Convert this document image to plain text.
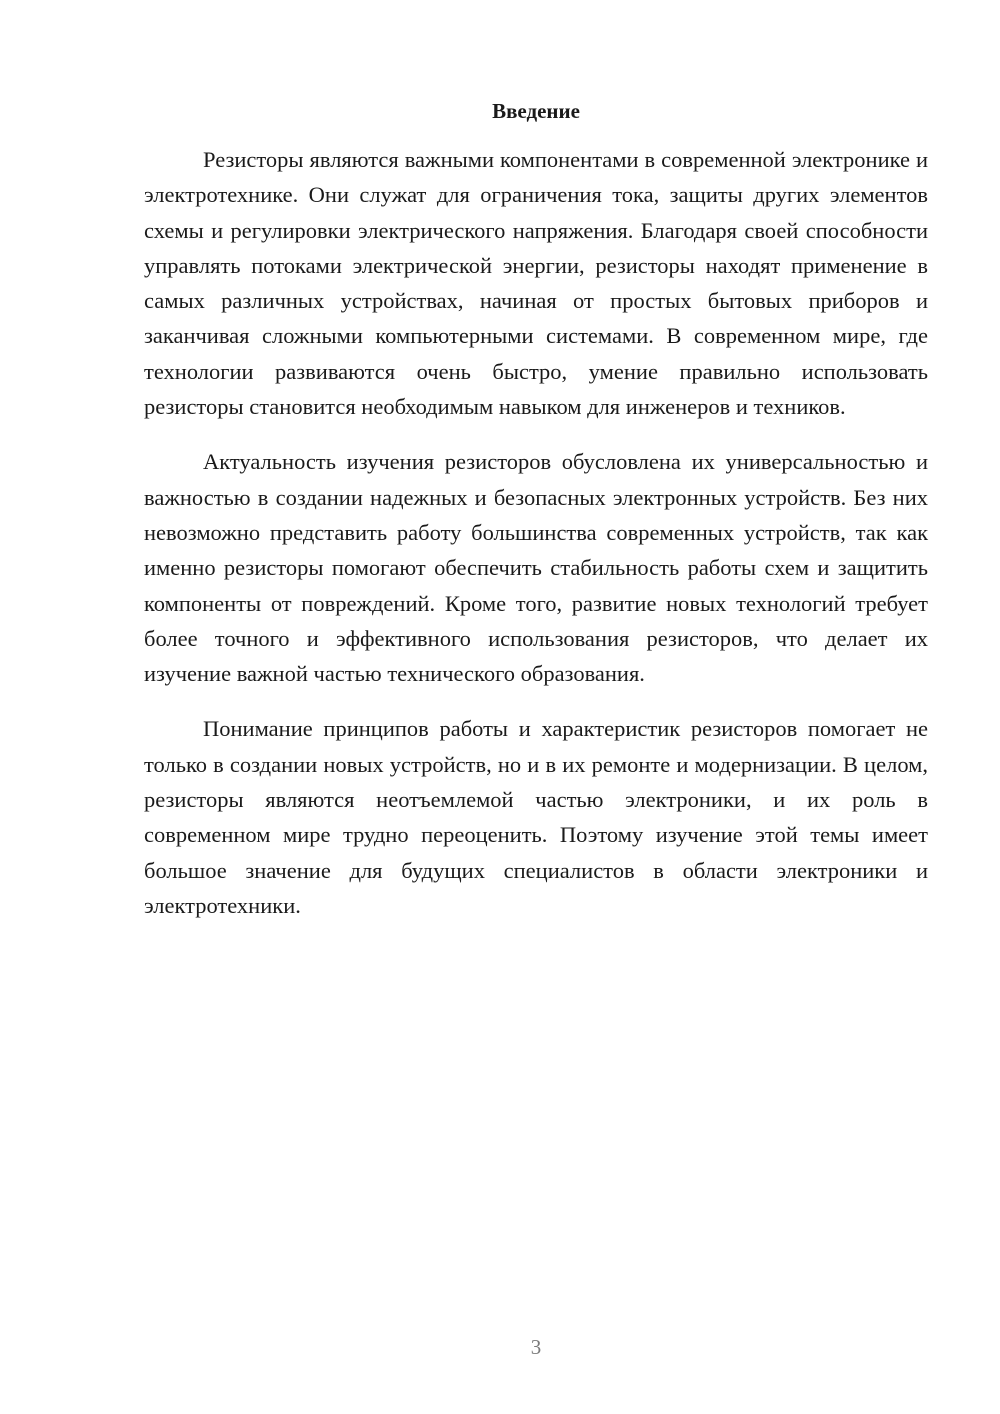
Введение

Резисторы являются важными компонентами в современной электронике и электротехнике. Они служат для ограничения тока, защиты других элементов схемы и регулировки электрического напряжения. Благодаря своей способности управлять потоками электрической энергии, резисторы находят применение в самых различных устройствах, начиная от простых бытовых приборов и заканчивая сложными компьютерными системами. В современном мире, где технологии развиваются очень быстро, умение правильно использовать резисторы становится необходимым навыком для инженеров и техников.

Актуальность изучения резисторов обусловлена их универсальностью и важностью в создании надежных и безопасных электронных устройств. Без них невозможно представить работу большинства современных устройств, так как именно резисторы помогают обеспечить стабильность работы схем и защитить компоненты от повреждений. Кроме того, развитие новых технологий требует более точного и эффективного использования резисторов, что делает их изучение важной частью технического образования.

Понимание принципов работы и характеристик резисторов помогает не только в создании новых устройств, но и в их ремонте и модернизации. В целом, резисторы являются неотъемлемой частью электроники, и их роль в современном мире трудно переоценить. Поэтому изучение этой темы имеет большое значение для будущих специалистов в области электроники и электротехники.

3
